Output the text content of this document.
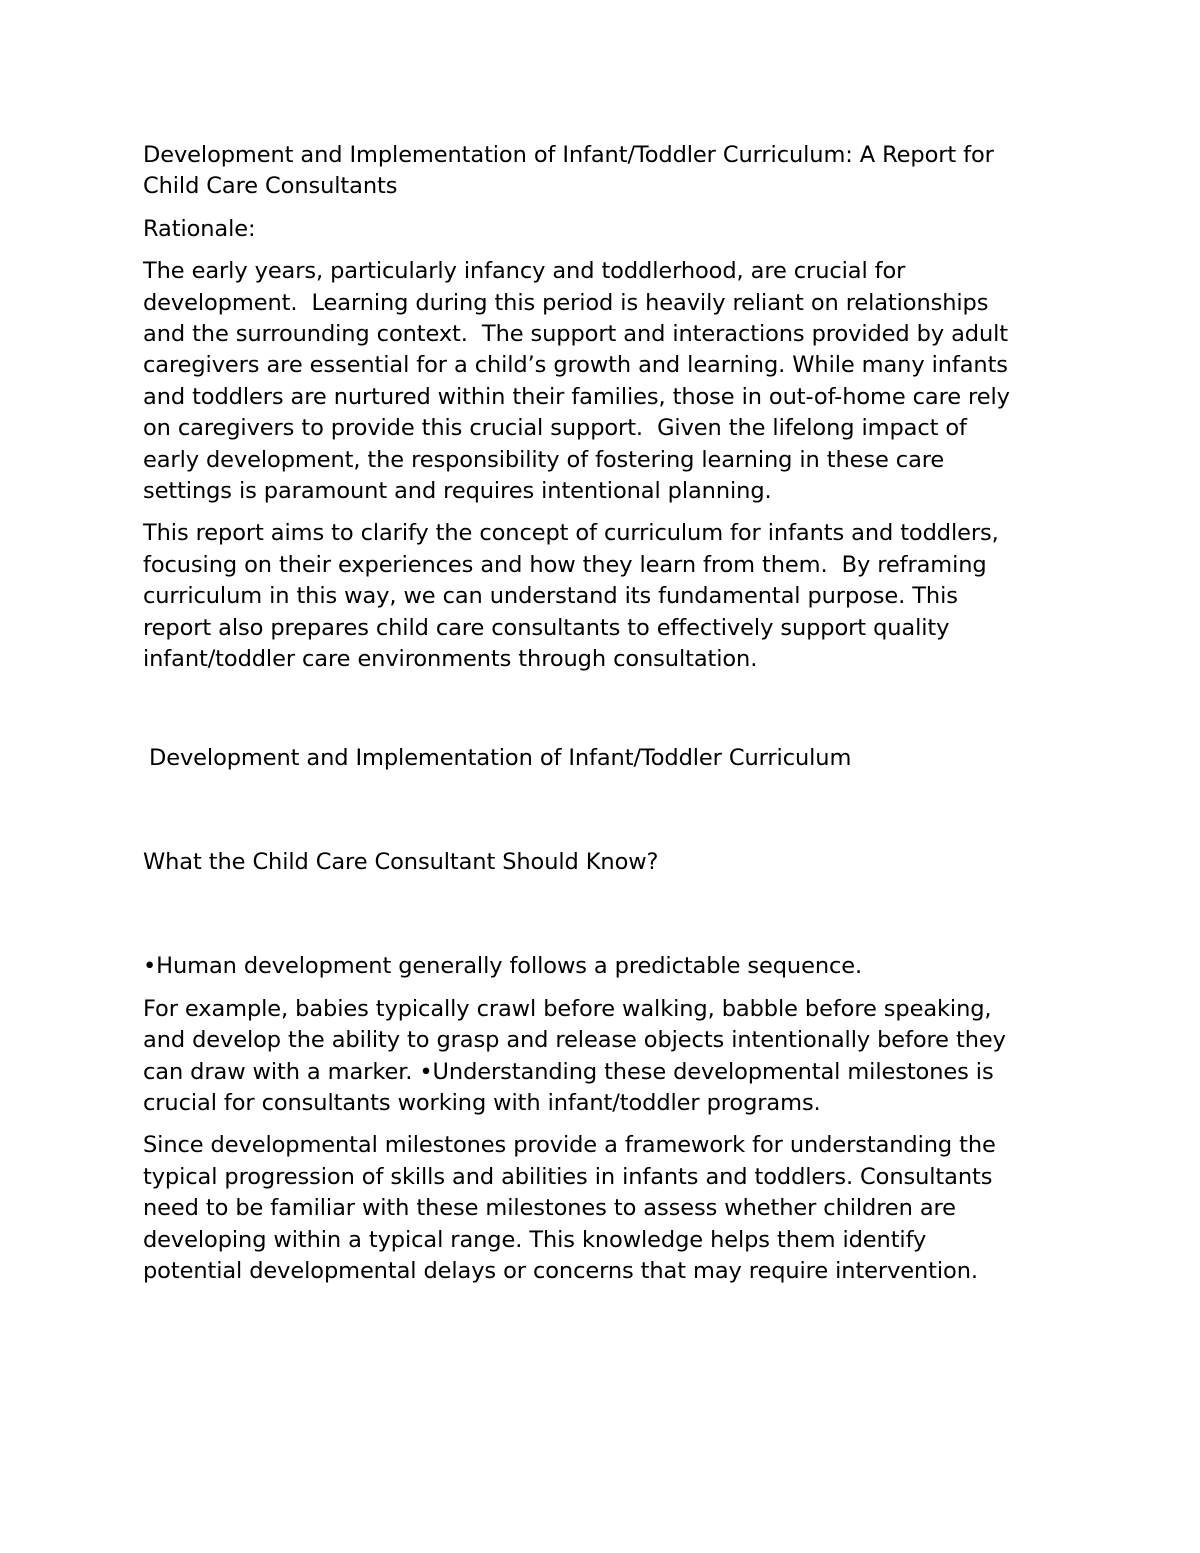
Development and Implementation of Infant/Toddler Curriculum: A Report for
Child Care Consultants

Rationale:

The early years, particularly infancy and toddlerhood, are crucial for
development.  Learning during this period is heavily reliant on relationships
and the surrounding context.  The support and interactions provided by adult
caregivers are essential for a child’s growth and learning. While many infants
and toddlers are nurtured within their families, those in out-of-home care rely
on caregivers to provide this crucial support.  Given the lifelong impact of
early development, the responsibility of fostering learning in these care
settings is paramount and requires intentional planning.

This report aims to clarify the concept of curriculum for infants and toddlers,
focusing on their experiences and how they learn from them.  By reframing
curriculum in this way, we can understand its fundamental purpose. This
report also prepares child care consultants to effectively support quality
infant/toddler care environments through consultation.

Development and Implementation of Infant/Toddler Curriculum

What the Child Care Consultant Should Know?

•Human development generally follows a predictable sequence.

For example, babies typically crawl before walking, babble before speaking,
and develop the ability to grasp and release objects intentionally before they
can draw with a marker. •Understanding these developmental milestones is
crucial for consultants working with infant/toddler programs.

Since developmental milestones provide a framework for understanding the
typical progression of skills and abilities in infants and toddlers. Consultants
need to be familiar with these milestones to assess whether children are
developing within a typical range. This knowledge helps them identify
potential developmental delays or concerns that may require intervention.
